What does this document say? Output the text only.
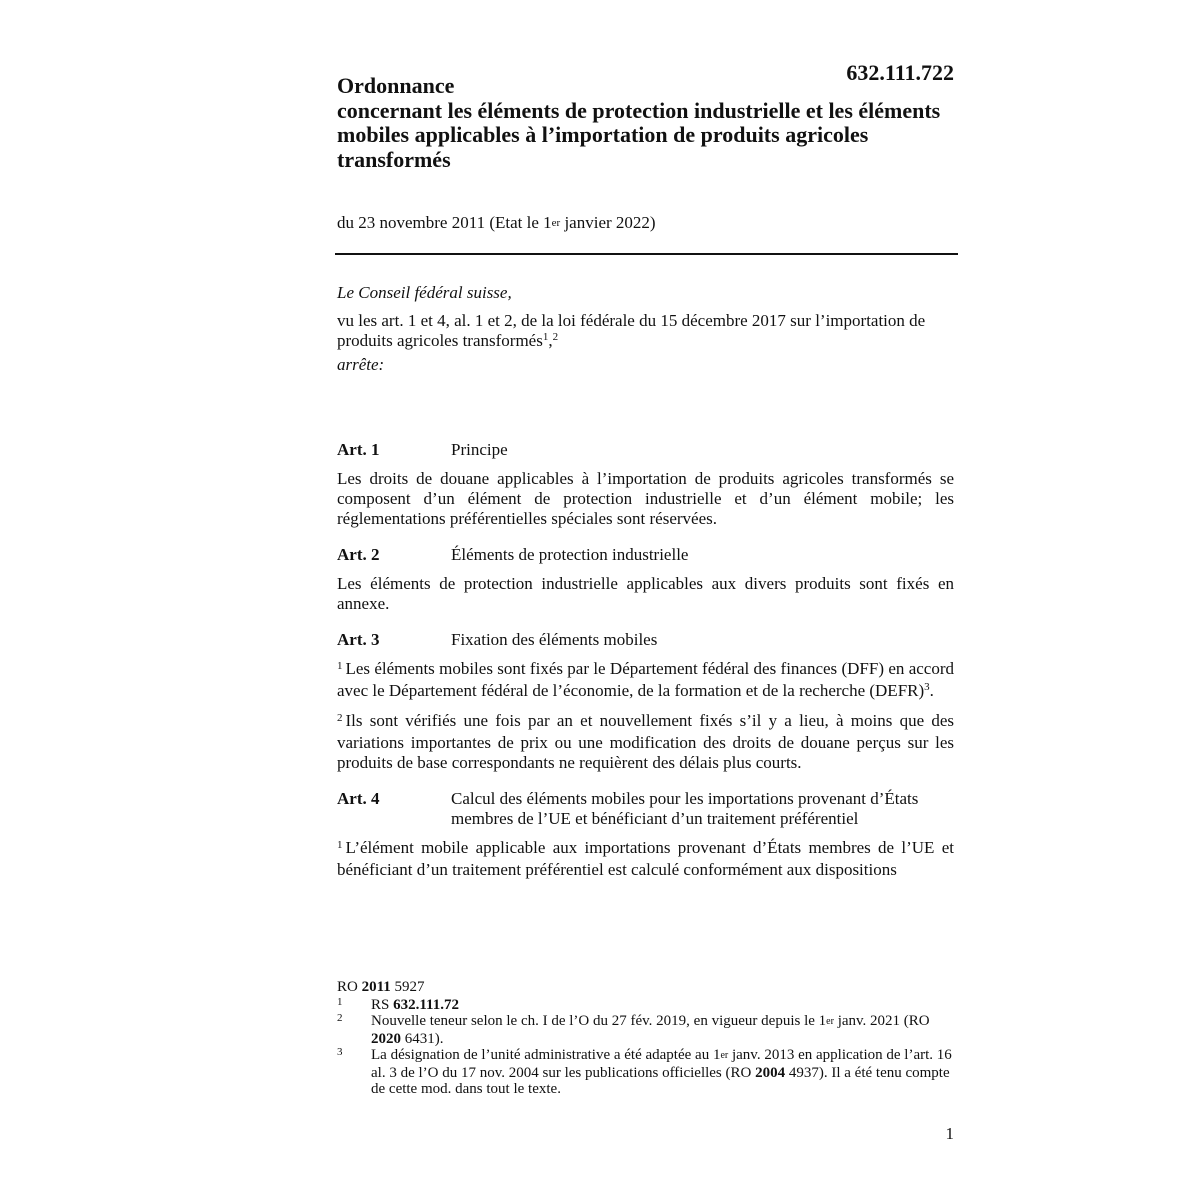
632.111.722
Ordonnance
concernant les éléments de protection industrielle et les éléments mobiles applicables à l’importation de produits agricoles transformés
du 23 novembre 2011 (Etat le 1er janvier 2022)

Le Conseil fédéral suisse,

vu les art. 1 et 4, al. 1 et 2, de la loi fédérale du 15 décembre 2017 sur l’importation de produits agricoles transformés$^1$,$^2$

arrête:

Art. 1	Principe

Les droits de douane applicables à l’importation de produits agricoles transformés se composent d’un élément de protection industrielle et d’un élément mobile; les réglementations préférentielles spéciales sont réservées.

Art. 2	Éléments de protection industrielle

Les éléments de protection industrielle applicables aux divers produits sont fixés en annexe.

Art. 3	Fixation des éléments mobiles

$^1$ Les éléments mobiles sont fixés par le Département fédéral des finances (DFF) en accord avec le Département fédéral de l’économie, de la formation et de la recherche (DEFR)$^3$.

$^2$ Ils sont vérifiés une fois par an et nouvellement fixés s’il y a lieu, à moins que des variations importantes de prix ou une modification des droits de douane perçus sur les produits de base correspondants ne requièrent des délais plus courts.

Art. 4	Calcul des éléments mobiles pour les importations provenant d’États membres de l’UE et bénéficiant d’un traitement préférentiel

$^1$ L’élément mobile applicable aux importations provenant d’États membres de l’UE et bénéficiant d’un traitement préférentiel est calculé conformément aux dispositions

RO 2011 5927

1	RS 632.111.72
2	Nouvelle teneur selon le ch. I de l’O du 27 fév. 2019, en vigueur depuis le 1er janv. 2021 (RO 2020 6431).
3	La désignation de l’unité administrative a été adaptée au 1er janv. 2013 en application de l’art. 16 al. 3 de l’O du 17 nov. 2004 sur les publications officielles (RO 2004 4937). Il a été tenu compte de cette mod. dans tout le texte.
1
